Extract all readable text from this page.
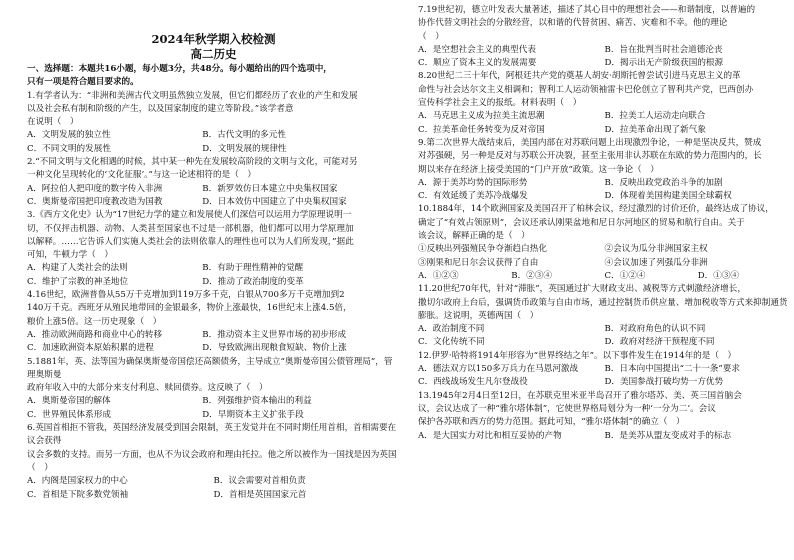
2024年秋学期入校检测
高二历史

一、选择题：本题共16小题，每小题3分，共48分。每小题给出的四个选项中，

只有一项是符合题目要求的。

1.有学者认为：“非洲和美洲古代文明虽然独立发展，但它们都经历了农业的产生和发展

以及社会私有制和阶级的产生，以及国家制度的建立等阶段。”该学者意

在说明（　）

A．文明发展的独立性	B．古代文明的多元性
C．不同文明的发展性	D．文明发展的规律性

2.“不同文明与文化相遇的时候，其中某一种先在发展较高阶段的文明与文化，可能对另

一种文化呈现转化的‘文化征服’。”与这一论述相符的是（　）

A．阿拉伯人把印度的数字传入非洲	B．新罗效仿日本建立中央集权国家
C．奥斯曼帝国把印度教改造为国教	D．日本效仿中国建立了中央集权国家

3.《西方文化史》认为“17世纪力学的建立和发展使人们深信可以运用力学原理说明一

切，不仅抨击机器、动物、人类甚至国家也不过是一部机器，他们都可以用力学原理加

以解释。……它告诉人们实施人类社会的法则依靠人的理性也可以为人们所发现，”据此

可知，牛顿力学（　）

A．构建了人类社会的法则	B．有助于理性精神的觉醒
C．维护了宗教的神圣地位	D．推动了政治制度的变革

4.16世纪，欧洲普鲁从55万千克增加到119万多千克，白银从700多万千克增加到2

140万千克。西班牙从殖民地带回的金银最多，物价上涨最快，16世纪末上涨4.5倍，

粮价上涨5倍。这一历史现象（　）

A．推动欧洲商路和商业中心的转移	B．推动资本主义世界市场的初步形成
C．加速欧洲资本原始积累的进程	D．导致欧洲出现粮食短缺、物价上涨

5.1881年，英、法等国为确保奥斯曼帝国偿还高额债务，主导成立“奥斯曼帝国公债管理局”，管理奥斯曼

政府年收入中的大部分来支付利息、赎回债券。这反映了（　）

A．奥斯曼帝国的解体	B．列强维护资本输出的利益
C．世界殖民体系形成	D．早期资本主义扩张手段

6.英国首相拒不管我，英国经济发展受到国会限制，英王发觉并在不同时期任用首相，首相需要在议会获得

议会多数的支持。而另一方面，也从不为议会政府和理由托拉。他之所以被作为一国找是因为英国

（　）

A．内阁是国家权力的中心	B．议会需要对首相负责
C．首相是下院多数党领袖	D．首相是英国国家元首

7.19世纪初，德立叶发表大量著述，描述了其心目中的理想社会——和谐制度，以普遍的

协作代替文明社会的分散经营，以和谐的代替贫困、痛苦、灾难和不幸。他的理论

（　）

A．是空想社会主义的典型代表	B．旨在批判当时社会道德沦丧
C．顺应了资本主义的发展需要	D．揭示出无产阶级获国的根源

8.20世纪二三十年代，阿根廷共产党的奠基人胡安·胡斯托曾尝试引进马克思主义的革

命性与社会达尔文主义相调和；智利工人运动领袖雷卡巴伦创立了智利共产党，巴西创办

宣传科学社会主义的报纸。材料表明（　）

A．马克思主义成为拉美主流思潮	B．拉美工人运动走向联合
C．拉美革命任务转变为反对帝国	D．拉美革命出现了新气象

9.第二次世界大战结束后，美国内部在对苏联问题上出现激烈争论，一种是坚决反共，赞成

对苏强硬，另一种是反对与苏联公开决裂，甚至主张用非认苏联在东欧的势力范围内的，长

期以来存在经济上接受美国的“门户开放”政策。这一争论（　）

A．源于美苏均势的国际形势	B．反映出政党政治斗争的加剧
C．有效延缓了美苏冷战爆发	D．体现着美国构建美国全球霸权

10.1884年，14个欧洲国家及美国召开了柏林会议，经过激烈的讨价还价，最终达成了协议，

确定了“有效占领原则”，会议还承认刚果盆地和尼日尔河地区的贸易和航行自由。关于

该会议，解释正确的是（　）

①反映出列强殖民争夺渐趋白热化	②会议为瓜分非洲国家主权
③刚果和尼日尔会议获得了自由	④会议加速了列强瓜分非洲
A．①②③	B．②③④	C．①②④	D．①③④

11.20世纪70年代，针对“滞胀”，英国通过扩大财政支出、减税等方式刺激经济增长，

撒切尔政府上台后，强调货币政策与自由市场，通过控制货币供应量、增加税收等方式来抑制通货

膨胀。这说明，英德两国（　）

A．政治制度不同	B．对政府角色的认识不同
C．文化传统不同	D．政府对经济干预程度不同

12.伊罗·哈特将1914年形容为“世界终结之年”。以下事件发生在1914年的是（　）

A．德法双方以150多万兵力在马恩河激战	B．日本向中国提出“二十一条”要求
C．西线战场发生凡尔登战役	D．美国参战打破均势一方优势

13.1945年2月4日至12日，在苏联克里米亚半岛召开了雅尔塔苏、美、英三国首脑会

议，会议达成了一种“雅尔塔体制”，它使世界格局划分为一种‘一分为二’。会议

保护各苏联和西方的势力范围。据此可知，“雅尔塔体制”的确立（　）

A．是大国实力对比和相互妥协的产物	B．是美苏从盟友变成对手的标志
